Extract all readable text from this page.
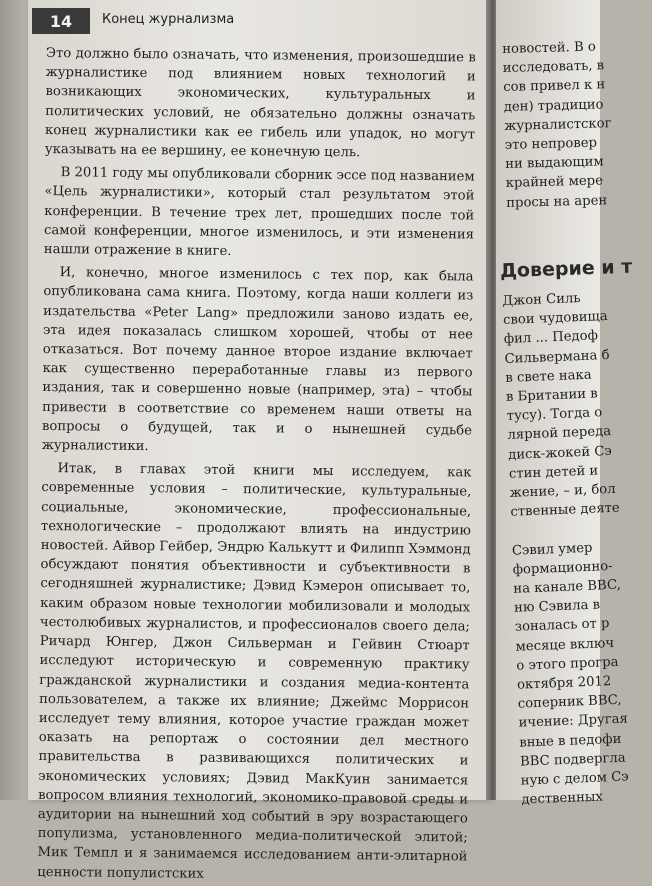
14	Конец журнализма

Это должно было означать, что изменения, произошедшие в журналистике под влиянием новых технологий и возникающих экономических, культуральных и политических условий, не обязательно должны означать конец журналистики как ее гибель или упадок, но могут указывать на ее вершину, ее конечную цель.

В 2011 году мы опубликовали сборник эссе под названием «Цель журналистики», который стал результатом этой конференции. В течение трех лет, прошедших после той самой конференции, многое изменилось, и эти изменения нашли отражение в книге.

И, конечно, многое изменилось с тех пор, как была опубликована сама книга. Поэтому, когда наши коллеги из издательства «Peter Lang» предложили заново издать ее, эта идея показалась слишком хорошей, чтобы от нее отказаться. Вот почему данное второе издание включает как существенно переработанные главы из первого издания, так и совершенно новые (например, эта) – чтобы привести в соответствие со временем наши ответы на вопросы о будущей, так и о нынешней судьбе журналистики.

Итак, в главах этой книги мы исследуем, как современные условия – политические, культуральные, социальные, экономические, профессиональные, технологические – продолжают влиять на индустрию новостей. Айвор Гейбер, Эндрю Калькутт и Филипп Хэммонд обсуждают понятия объективности и субъективности в сегодняшней журналистике; Дэвид Кэмерон описывает то, каким образом новые технологии мобилизовали и молодых честолюбивых журналистов, и профессионалов своего дела; Ричард Юнгер, Джон Сильверман и Гейвин Стюарт исследуют историческую и современную практику гражданской журналистики и создания медиа-контента пользователем, а также их влияние; Джеймс Моррисон исследует тему влияния, которое участие граждан может оказать на репортаж о состоянии дел местного правительства в развивающихся политических и экономических условиях; Дэвид МакКуин занимается вопросом влияния технологий, экономико-правовой среды и аудитории на нынешний ход событий в эру возрастающего популизма, установленного медиа-политической элитой; Мик Темпл и я занимаемся исследованием анти-элитарной ценности популистских

новостей. В о
исследовать, в
сов привел к н
ден) традицио
журналистског
это непровер
ни выдающим
крайней мере
просы на арен
Доверие и т
Джон Силь
свои чудовища
фил ... Педоф
Сильвермана б
в свете нака
в Британии в
тусу). Тогда о
лярной переда
диск-жокей Сэ
стин детей и
жение, – и, бол
ственные деяте

Сэвил умер
формационно-
на канале BBC,
ню Сэвила в
зоналась от р
месяце включ
о этого програ
октября 2012
соперник BBC,
ичение: Другая
вные в педофи
BBC подвергла
ную с делом Сэ
дественных
